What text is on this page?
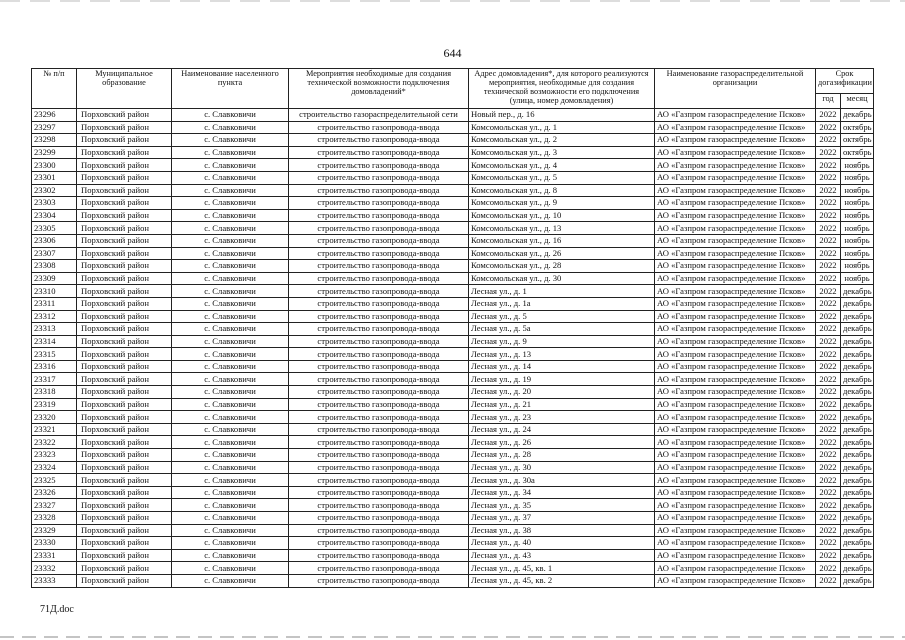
644
№ п/п	Муниципальное образование	Наименование населенного пункта	Мероприятия необходимые для создания технической возможности подключения домовладений*	Адрес домовладения*, для которого реализуются мероприятия, необходимые для создания технической возможности его подключения (улица, номер домовладения)	Наименование газораспределительной организации	Срок догазификации	
						год	месяц
23296	Порховский район	с. Славковичи	строительство газораспределительной сети	Новый пер., д. 16	АО «Газпром газораспределение Псков»	2022	декабрь
23297	Порховский район	с. Славковичи	строительство газопровода-ввода	Комсомольская ул., д. 1	АО «Газпром газораспределение Псков»	2022	октябрь
23298	Порховский район	с. Славковичи	строительство газопровода-ввода	Комсомольская ул., д. 2	АО «Газпром газораспределение Псков»	2022	октябрь
23299	Порховский район	с. Славковичи	строительство газопровода-ввода	Комсомольская ул., д. 3	АО «Газпром газораспределение Псков»	2022	октябрь
23300	Порховский район	с. Славковичи	строительство газопровода-ввода	Комсомольская ул., д. 4	АО «Газпром газораспределение Псков»	2022	ноябрь
23301	Порховский район	с. Славковичи	строительство газопровода-ввода	Комсомольская ул., д. 5	АО «Газпром газораспределение Псков»	2022	ноябрь
23302	Порховский район	с. Славковичи	строительство газопровода-ввода	Комсомольская ул., д. 8	АО «Газпром газораспределение Псков»	2022	ноябрь
23303	Порховский район	с. Славковичи	строительство газопровода-ввода	Комсомольская ул., д. 9	АО «Газпром газораспределение Псков»	2022	ноябрь
23304	Порховский район	с. Славковичи	строительство газопровода-ввода	Комсомольская ул., д. 10	АО «Газпром газораспределение Псков»	2022	ноябрь
23305	Порховский район	с. Славковичи	строительство газопровода-ввода	Комсомольская ул., д. 13	АО «Газпром газораспределение Псков»	2022	ноябрь
23306	Порховский район	с. Славковичи	строительство газопровода-ввода	Комсомольская ул., д. 16	АО «Газпром газораспределение Псков»	2022	ноябрь
23307	Порховский район	с. Славковичи	строительство газопровода-ввода	Комсомольская ул., д. 26	АО «Газпром газораспределение Псков»	2022	ноябрь
23308	Порховский район	с. Славковичи	строительство газопровода-ввода	Комсомольская ул., д. 28	АО «Газпром газораспределение Псков»	2022	ноябрь
23309	Порховский район	с. Славковичи	строительство газопровода-ввода	Комсомольская ул., д. 30	АО «Газпром газораспределение Псков»	2022	ноябрь
23310	Порховский район	с. Славковичи	строительство газопровода-ввода	Лесная ул., д. 1	АО «Газпром газораспределение Псков»	2022	декабрь
23311	Порховский район	с. Славковичи	строительство газопровода-ввода	Лесная ул., д. 1а	АО «Газпром газораспределение Псков»	2022	декабрь
23312	Порховский район	с. Славковичи	строительство газопровода-ввода	Лесная ул., д. 5	АО «Газпром газораспределение Псков»	2022	декабрь
23313	Порховский район	с. Славковичи	строительство газопровода-ввода	Лесная ул., д. 5а	АО «Газпром газораспределение Псков»	2022	декабрь
23314	Порховский район	с. Славковичи	строительство газопровода-ввода	Лесная ул., д. 9	АО «Газпром газораспределение Псков»	2022	декабрь
23315	Порховский район	с. Славковичи	строительство газопровода-ввода	Лесная ул., д. 13	АО «Газпром газораспределение Псков»	2022	декабрь
23316	Порховский район	с. Славковичи	строительство газопровода-ввода	Лесная ул., д. 14	АО «Газпром газораспределение Псков»	2022	декабрь
23317	Порховский район	с. Славковичи	строительство газопровода-ввода	Лесная ул., д. 19	АО «Газпром газораспределение Псков»	2022	декабрь
23318	Порховский район	с. Славковичи	строительство газопровода-ввода	Лесная ул., д. 20	АО «Газпром газораспределение Псков»	2022	декабрь
23319	Порховский район	с. Славковичи	строительство газопровода-ввода	Лесная ул., д. 21	АО «Газпром газораспределение Псков»	2022	декабрь
23320	Порховский район	с. Славковичи	строительство газопровода-ввода	Лесная ул., д. 23	АО «Газпром газораспределение Псков»	2022	декабрь
23321	Порховский район	с. Славковичи	строительство газопровода-ввода	Лесная ул., д. 24	АО «Газпром газораспределение Псков»	2022	декабрь
23322	Порховский район	с. Славковичи	строительство газопровода-ввода	Лесная ул., д. 26	АО «Газпром газораспределение Псков»	2022	декабрь
23323	Порховский район	с. Славковичи	строительство газопровода-ввода	Лесная ул., д. 28	АО «Газпром газораспределение Псков»	2022	декабрь
23324	Порховский район	с. Славковичи	строительство газопровода-ввода	Лесная ул., д. 30	АО «Газпром газораспределение Псков»	2022	декабрь
23325	Порховский район	с. Славковичи	строительство газопровода-ввода	Лесная ул., д. 30а	АО «Газпром газораспределение Псков»	2022	декабрь
23326	Порховский район	с. Славковичи	строительство газопровода-ввода	Лесная ул., д. 34	АО «Газпром газораспределение Псков»	2022	декабрь
23327	Порховский район	с. Славковичи	строительство газопровода-ввода	Лесная ул., д. 35	АО «Газпром газораспределение Псков»	2022	декабрь
23328	Порховский район	с. Славковичи	строительство газопровода-ввода	Лесная ул., д. 37	АО «Газпром газораспределение Псков»	2022	декабрь
23329	Порховский район	с. Славковичи	строительство газопровода-ввода	Лесная ул., д. 38	АО «Газпром газораспределение Псков»	2022	декабрь
23330	Порховский район	с. Славковичи	строительство газопровода-ввода	Лесная ул., д. 40	АО «Газпром газораспределение Псков»	2022	декабрь
23331	Порховский район	с. Славковичи	строительство газопровода-ввода	Лесная ул., д. 43	АО «Газпром газораспределение Псков»	2022	декабрь
23332	Порховский район	с. Славковичи	строительство газопровода-ввода	Лесная ул., д. 45, кв. 1	АО «Газпром газораспределение Псков»	2022	декабрь
23333	Порховский район	с. Славковичи	строительство газопровода-ввода	Лесная ул., д. 45, кв. 2	АО «Газпром газораспределение Псков»	2022	декабрь
71Д.doc
